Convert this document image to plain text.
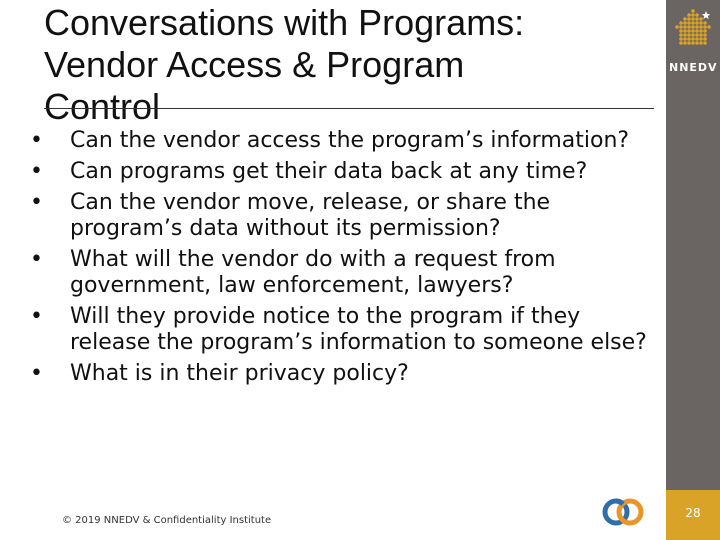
Conversations with Programs:
Vendor Access & Program
Control
•	Can the vendor access the program’s information?
•	Can programs get their data back at any time?
•	Can the vendor move, release, or share the program’s data without its permission?
•	What will the vendor do with a request from government, law enforcement, lawyers?
•	Will they provide notice to the program if they release the program’s information to someone else?
•	What is in their privacy policy?
NNEDV
28
© 2019 NNEDV & Confidentiality Institute
